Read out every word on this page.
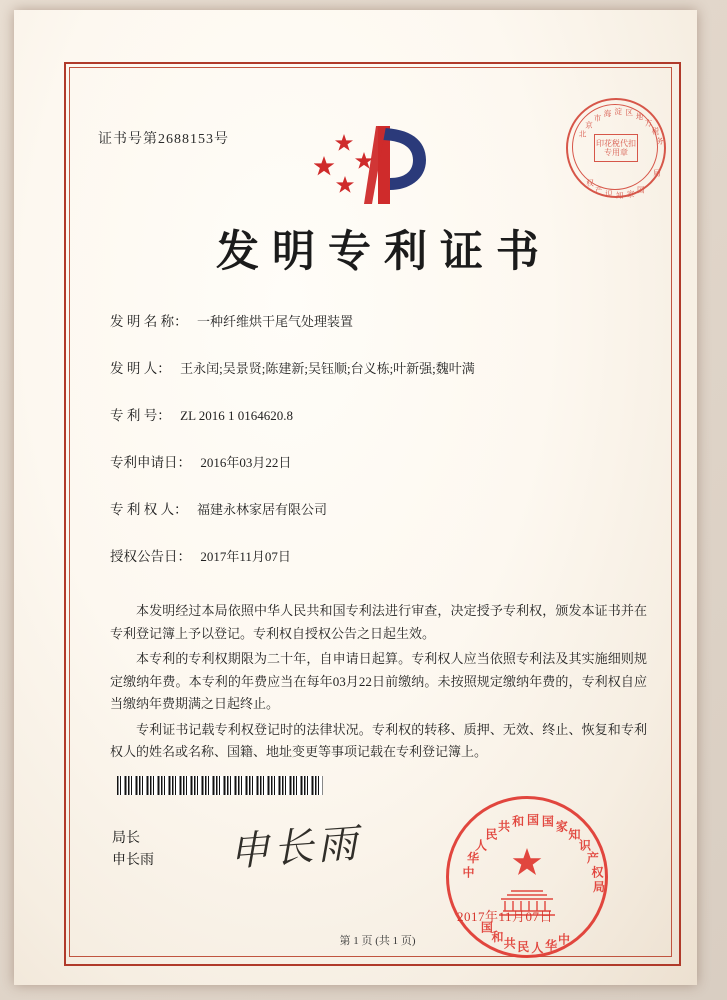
证书号第2688153号	北
京
市
海 淀 区 地
方
税
务
局
国
家
知
识
产
权
印花税代扣专用章
发明专利证书
发 明 名 称： 一种纤维烘干尾气处理装置
发 明 人： 王永闰;吴景贤;陈建新;吴钰顺;台义栋;叶新强;魏叶满
专 利 号： ZL 2016 1 0164620.8
专利申请日： 2016年03月22日
专 利 权 人： 福建永林家居有限公司
授权公告日： 2017年11月07日

本发明经过本局依照中华人民共和国专利法进行审查，决定授予专利权，颁发本证书并在专利登记簿上予以登记。专利权自授权公告之日起生效。

本专利的专利权期限为二十年，自申请日起算。专利权人应当依照专利法及其实施细则规定缴纳年费。本专利的年费应当在每年03月22日前缴纳。未按照规定缴纳年费的，专利权自应当缴纳年费期满之日起终止。

专利证书记载专利权登记时的法律状况。专利权的转移、质押、无效、终止、恢复和专利权人的姓名或名称、国籍、地址变更等事项记载在专利登记簿上。

局长
申长雨 申长雨	中
华
人
民
共 和 国 国 家
知
识
产
权
局
中
华
人
民
共
和
国
2017年11月07日
第 1 页 (共 1 页)
